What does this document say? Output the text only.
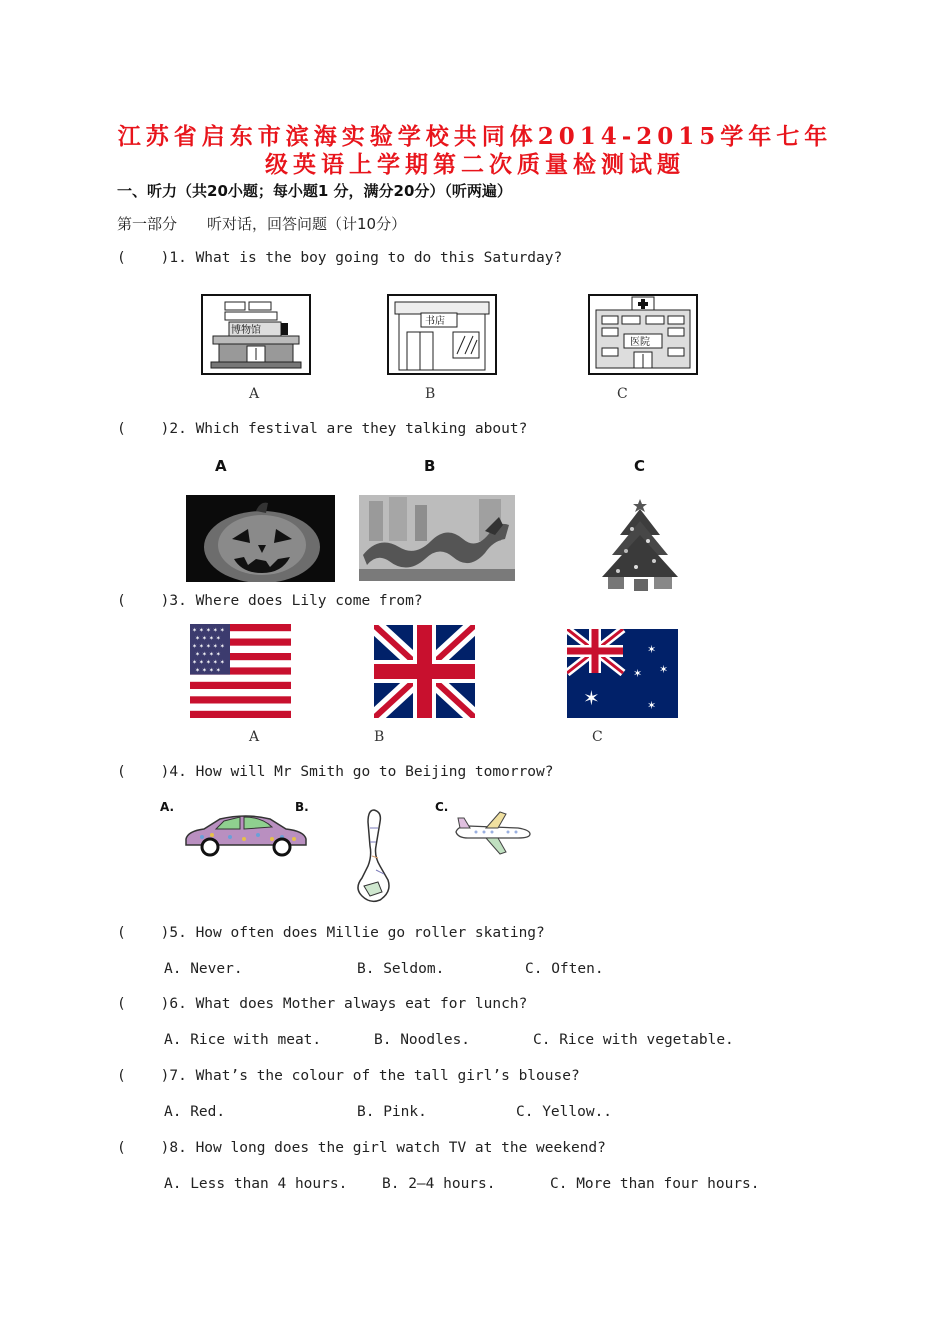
江苏省启东市滨海实验学校共同体2014-2015学年七年
级英语上学期第二次质量检测试题
一、听力（共20小题；每小题1 分，满分20分）（听两遍）
第一部分　　听对话，回答问题（计10分）
(    )1. What is the boy going to do this Saturday?
博物馆
A
书店
B
医院
C
(    )2. Which festival are they talking about?
A	B	C
(    )3. Where does Lily come from?
✶ ✶ ✶ ✶ ✶
✶ ✶ ✶ ✶
✶ ✶ ✶ ✶ ✶
✶ ✶ ✶ ✶
✶ ✶ ✶ ✶ ✶
✶ ✶ ✶ ✶
A	B
✶
✶
✶ ✶
✶
C
(    )4. How will Mr Smith go to Beijing tomorrow?
A.	B.	C.
(    )5. How often does Millie go roller skating?
A. Never.	B. Seldom.	C. Often.
(    )6. What does Mother always eat for lunch?
A. Rice with meat.	B. Noodles.	C. Rice with vegetable.
(    )7. What’s the colour of the tall girl’s blouse?
A. Red.	B. Pink.	C. Yellow..
(    )8. How long does the girl watch TV at the weekend?
A. Less than 4 hours. B. 2—4 hours.	C. More than four hours.
